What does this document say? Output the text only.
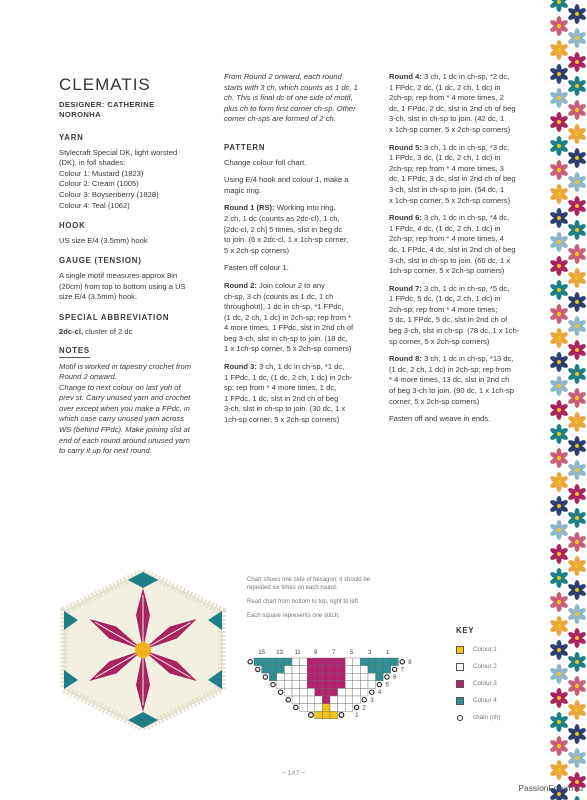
CLEMATIS
DESIGNER: CATHERINE
NORONHA
YARN
Stylecraft Special DK, light worsted
(DK), in foll shades:
Colour 1: Mustard (1823)
Colour 2: Cream (1005)
Colour 3: Boysenberry (1828)
Colour 4: Teal (1062)
HOOK
US size E/4 (3.5mm) hook
GAUGE (TENSION)
A single motif measures approx 8in
(20cm) from top to bottom using a US
size E/4 (3.5mm) hook.
SPECIAL ABBREVIATION
2dc-cl, cluster of 2 dc
NOTES
Motif is worked in tapestry crochet from
Round 2 onward.
Change to next colour on last yoh of
prev st. Carry unused yarn and crochet
over except when you make a FPdc, in
which case carry unused yarn across
WS (behind FPdc). Make joining slst at
end of each round around unused yarn
to carry it up for next round.

From Round 2 onward, each round
starts with 3 ch, which counts as 1 dc, 1
ch. This is final dc of one side of motif,
plus ch to form first corner ch-sp. Other
corner ch-sps are formed of 2 ch.

PATTERN

Change colour foll chart.

Using E/4 hook and colour 1, make a
magic ring.

Round 1 (RS): Working into ring,
2 ch, 1 dc (counts as 2dc-cl), 1 ch,
[2dc-cl, 2 ch] 5 times, slst in beg dc
to join. (6 x 2dc-cl, 1 x 1ch-sp corner,
5 x 2ch-sp corners)

Fasten off colour 1.

Round 2: Join colour 2 to any
ch-sp, 3 ch (counts as 1 dc, 1 ch
throughout), 1 dc in ch-sp, *1 FPdc,
(1 dc, 2 ch, 1 dc) in 2ch-sp; rep from *
4 more times, 1 FPdc, slst in 2nd ch of
beg 3-ch, slst in ch-sp to join. (18 dc,
1 x 1ch-sp corner, 5 x 2ch-sp corners)

Round 3: 3 ch, 1 dc in ch-sp, *1 dc,
1 FPdc, 1 dc, (1 dc, 2 ch, 1 dc) in 2ch-
sp; rep from * 4 more times, 1 dc,
1 FPdc, 1 dc, slst in 2nd ch of beg
3-ch, slst in ch-sp to join. (30 dc, 1 x
1ch-sp corner, 5 x 2ch-sp corners)

Round 4: 3 ch, 1 dc in ch-sp, *2 dc,
1 FPdc, 2 dc, (1 dc, 2 ch, 1 dc) in
2ch-sp; rep from * 4 more times, 2
dc, 1 FPdc, 2 dc, slst in 2nd ch of beg
3-ch, slst in ch-sp to join. (42 dc, 1
x 1ch-sp corner, 5 x 2ch-sp corners)

Round 5: 3 ch, 1 dc in ch-sp, *3 dc,
1 FPdc, 3 dc, (1 dc, 2 ch, 1 dc) in
2ch-sp; rep from * 4 more times, 3
dc, 1 FPdc, 3 dc, slst in 2nd ch of beg
3-ch, slst in ch-sp to join. (54 dc, 1
x 1ch-sp corner, 5 x 2ch-sp corners)

Round 6: 3 ch, 1 dc in ch-sp, *4 dc,
1 FPdc, 4 dc, (1 dc, 2 ch, 1 dc) in
2ch-sp; rep from * 4 more times, 4
dc, 1 FPdc, 4 dc, slst in 2nd ch of beg
3-ch, slst in ch-sp to join. (66 dc, 1 x
1ch-sp corner, 5 x 2ch-sp corners)

Round 7: 3 ch, 1 dc in ch-sp, *5 dc,
1 FPdc, 5 dc, (1 dc, 2 ch, 1 dc) in
2ch-sp; rep from * 4 more times;
5 dc, 1 FPdc, 5 dc, slst in 2nd ch of
beg 3-ch, slst in ch-sp. (78 dc, 1 x 1ch-
sp corner, 5 x 2ch-sp corners)

Round 8: 3 ch, 1 dc in ch-sp, *13 dc,
(1 dc, 2 ch, 1 dc) in 2ch-sp; rep from
* 4 more times, 13 dc, slst in 2nd ch
of beg 3-ch to join. (90 dc, 1 x 1ch-sp
corner, 5 x 2ch-sp corners)

Fasten off and weave in ends.

Chart shows one side of hexagon; it should be
repeated six times on each round.

Read chart from bottom to top, right to left.

Each square represents one stitch.

15 13 11 9 7 5 3 1
8
7
6
5
4
3
2
1
KEY
Colour 1
Colour 2
Colour 3
Colour 4
chain (ch)
~ 147 ~
PassionForum.ru
